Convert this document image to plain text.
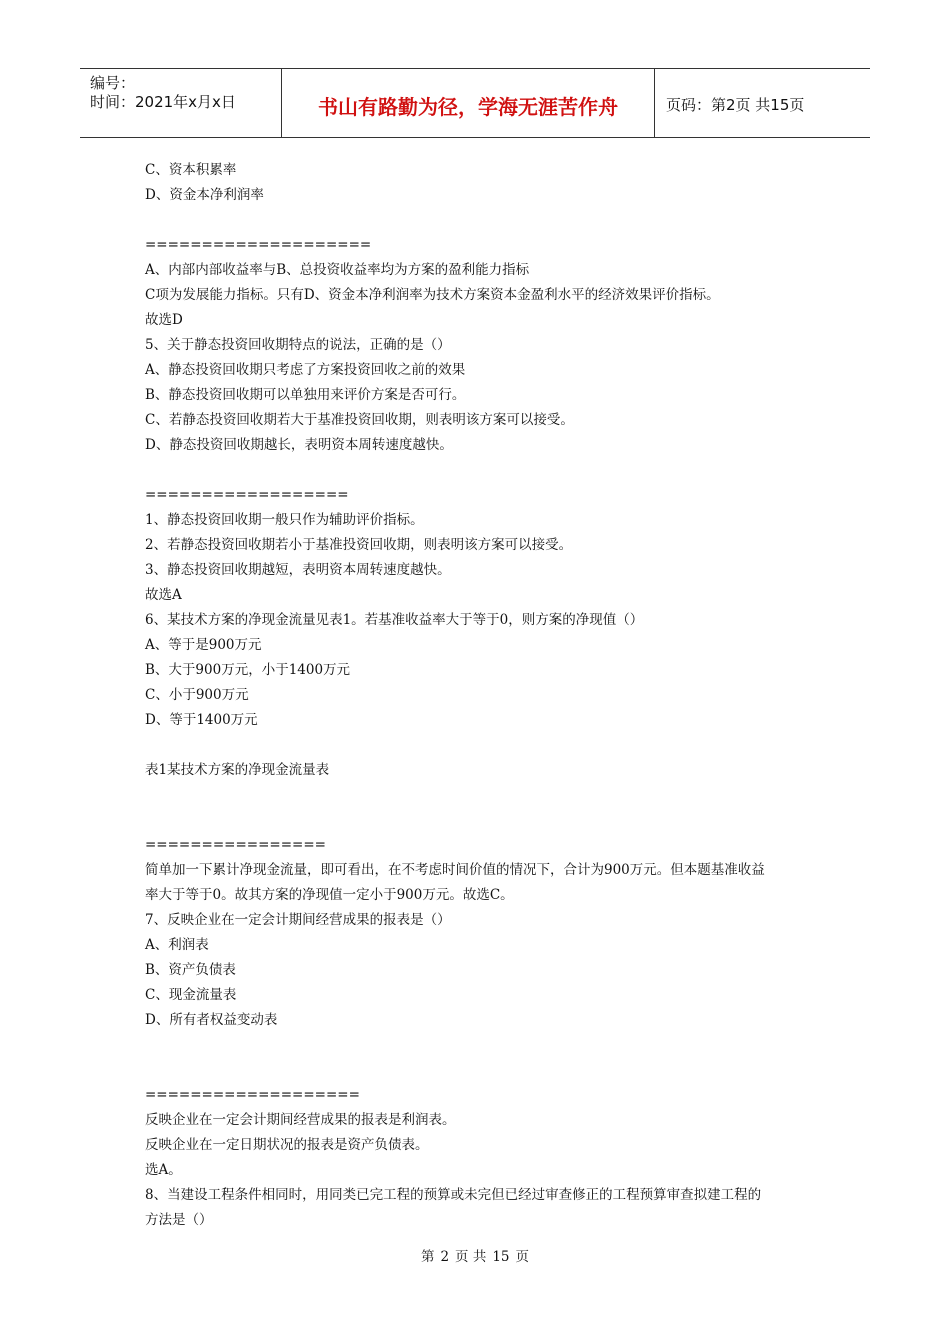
编号：
时间：2021年x月x日	书山有路勤为径，学海无涯苦作舟	页码：第2页 共15页
C、资本积累率
D、资金本净利润率
====================
A、内部内部收益率与B、总投资收益率均为方案的盈利能力指标
C项为发展能力指标。只有D、资金本净利润率为技术方案资本金盈利水平的经济效果评价指标。
故选D
5、关于静态投资回收期特点的说法，正确的是（）
A、静态投资回收期只考虑了方案投资回收之前的效果
B、静态投资回收期可以单独用来评价方案是否可行。
C、若静态投资回收期若大于基准投资回收期，则表明该方案可以接受。
D、静态投资回收期越长，表明资本周转速度越快。
==================
1、静态投资回收期一般只作为辅助评价指标。
2、若静态投资回收期若小于基准投资回收期，则表明该方案可以接受。
3、静态投资回收期越短，表明资本周转速度越快。
故选A
6、某技术方案的净现金流量见表1。若基准收益率大于等于0，则方案的净现值（）
A、等于是900万元
B、大于900万元，小于1400万元
C、小于900万元
D、等于1400万元
表1某技术方案的净现金流量表
================
简单加一下累计净现金流量，即可看出，在不考虑时间价值的情况下，合计为900万元。但本题基准收益
率大于等于0。故其方案的净现值一定小于900万元。故选C。
7、反映企业在一定会计期间经营成果的报表是（）
A、利润表
B、资产负债表
C、现金流量表
D、所有者权益变动表
===================
反映企业在一定会计期间经营成果的报表是利润表。
反映企业在一定日期状况的报表是资产负债表。
选A。
8、当建设工程条件相同时，用同类已完工程的预算或未完但已经过审查修正的工程预算审查拟建工程的
方法是（）
第 2 页 共 15 页
